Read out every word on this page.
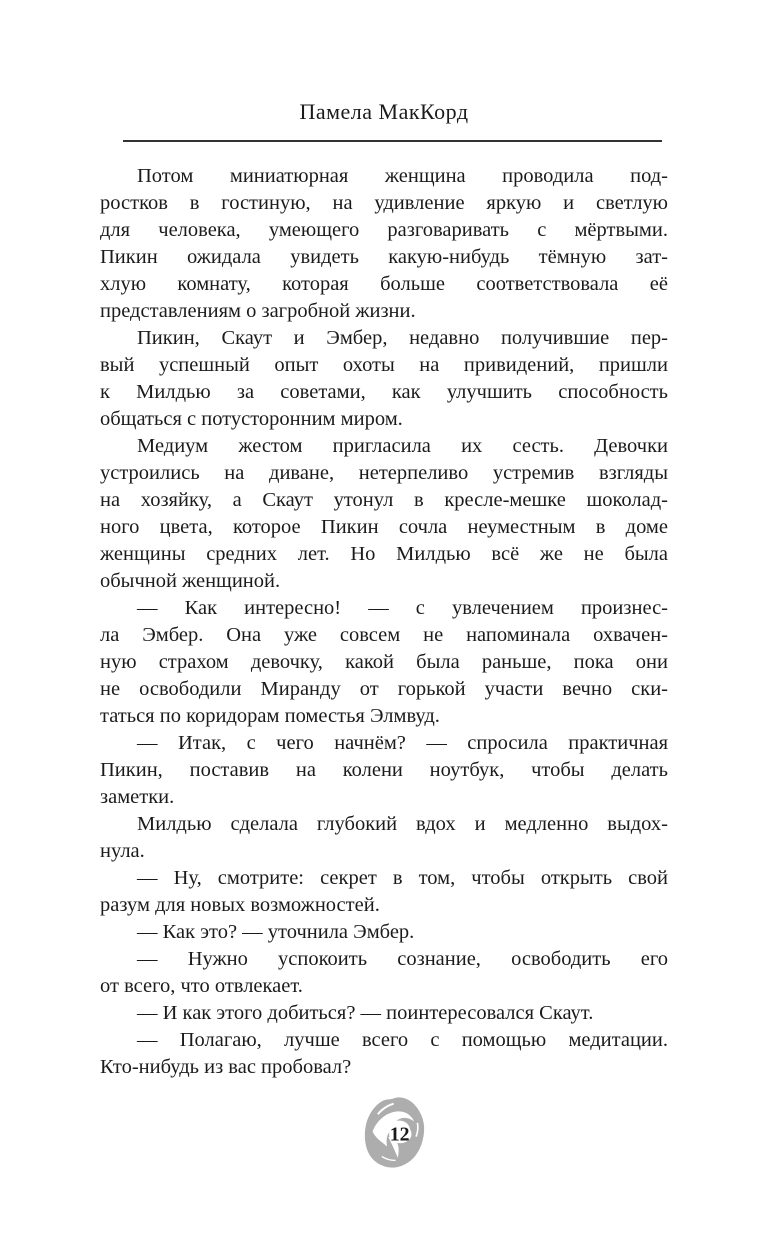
Памела МакКорд
Потом миниатюрная женщина проводила под-
ростков в гостиную, на удивление яркую и светлую
для человека, умеющего разговаривать с мёртвыми.
Пикин ожидала увидеть какую-нибудь тёмную зат-
хлую комнату, которая больше соответствовала её
представлениям о загробной жизни.
Пикин, Скаут и Эмбер, недавно получившие пер-
вый успешный опыт охоты на привидений, пришли
к Милдью за советами, как улучшить способность
общаться с потусторонним миром.
Медиум жестом пригласила их сесть. Девочки
устроились на диване, нетерпеливо устремив взгляды
на хозяйку, а Скаут утонул в кресле-мешке шоколад-
ного цвета, которое Пикин сочла неуместным в доме
женщины средних лет. Но Милдью всё же не была
обычной женщиной.
— Как интересно! — с увлечением произнес-
ла Эмбер. Она уже совсем не напоминала охвачен-
ную страхом девочку, какой была раньше, пока они
не освободили Миранду от горькой участи вечно ски-
таться по коридорам поместья Элмвуд.
— Итак, с чего начнём? — спросила практичная
Пикин, поставив на колени ноутбук, чтобы делать
заметки.
Милдью сделала глубокий вдох и медленно выдох-
нула.
— Ну, смотрите: секрет в том, чтобы открыть свой
разум для новых возможностей.
— Как это? — уточнила Эмбер.
— Нужно успокоить сознание, освободить его
от всего, что отвлекает.
— И как этого добиться? — поинтересовался Скаут.
— Полагаю, лучше всего с помощью медитации.
Кто-нибудь из вас пробовал?
12
